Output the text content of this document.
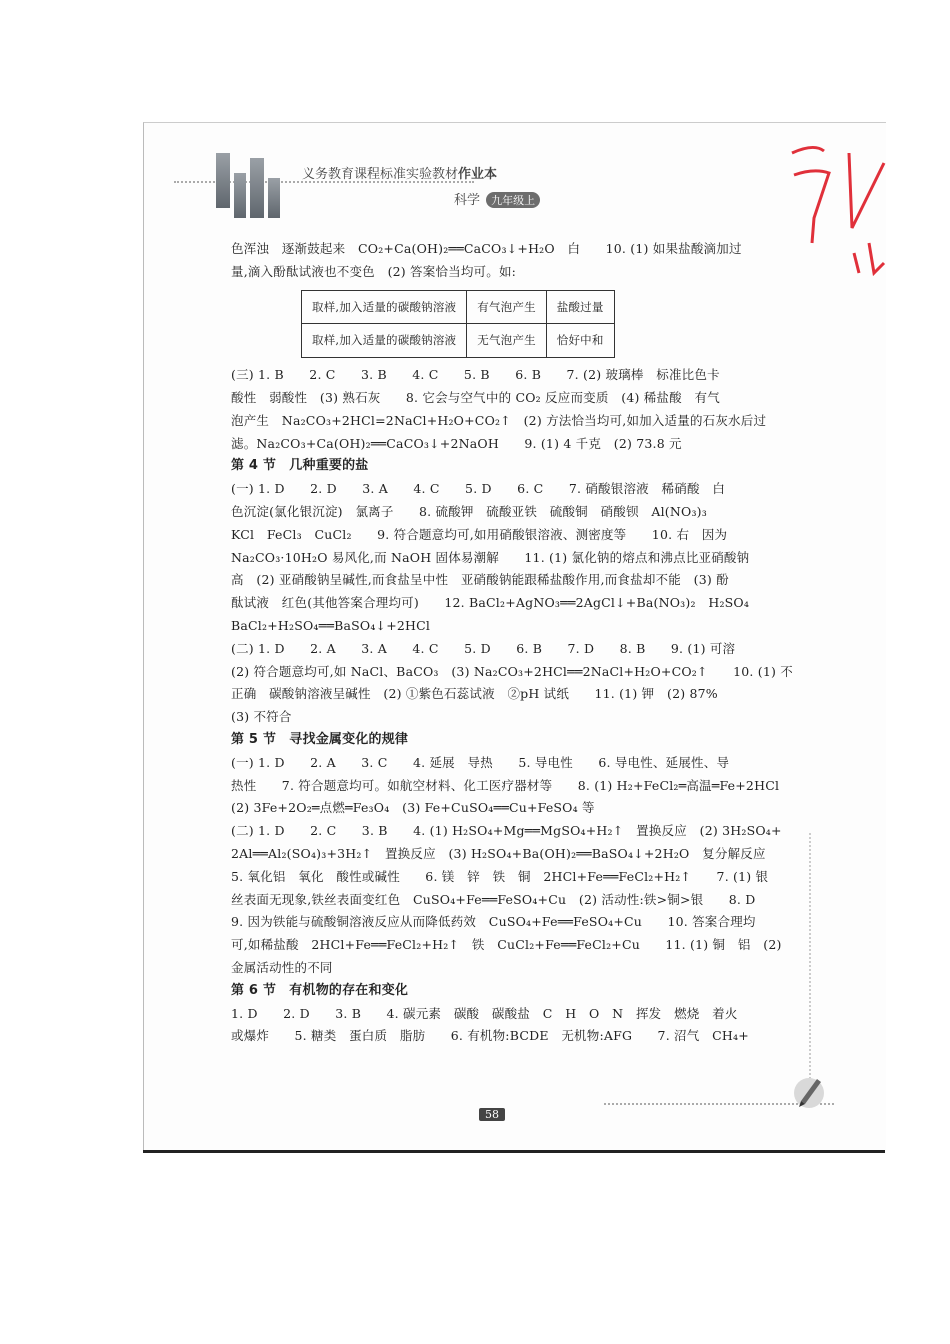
义务教育课程标准实验教材作业本
科学 九年级上
色浑浊　逐渐鼓起来　CO₂+Ca(OH)₂══CaCO₃↓+H₂O　白　　10. (1) 如果盐酸滴加过
量,滴入酚酞试液也不变色　(2) 答案恰当均可。如:
取样,加入适量的碳酸钠溶液	有气泡产生	盐酸过量
取样,加入适量的碳酸钠溶液	无气泡产生	恰好中和
(三) 1. B　　2. C　　3. B　　4. C　　5. B　　6. B　　7. (2) 玻璃棒　标准比色卡
酸性　弱酸性　(3) 熟石灰　　8. 它会与空气中的 CO₂ 反应而变质　(4) 稀盐酸　有气
泡产生　Na₂CO₃+2HCl=2NaCl+H₂O+CO₂↑　(2) 方法恰当均可,如加入适量的石灰水后过
滤。Na₂CO₃+Ca(OH)₂══CaCO₃↓+2NaOH　　9. (1) 4 千克　(2) 73.8 元
第 4 节　几种重要的盐
(一) 1. D　　2. D　　3. A　　4. C　　5. D　　6. C　　7. 硝酸银溶液　稀硝酸　白
色沉淀(氯化银沉淀)　氯离子　　8. 硫酸钾　硫酸亚铁　硫酸铜　硝酸钡　Al(NO₃)₃
KCl　FeCl₃　CuCl₂　　9. 符合题意均可,如用硝酸银溶液、测密度等　　10. 右　因为
Na₂CO₃·10H₂O 易风化,而 NaOH 固体易潮解　　11. (1) 氯化钠的熔点和沸点比亚硝酸钠
高　(2) 亚硝酸钠呈碱性,而食盐呈中性　亚硝酸钠能跟稀盐酸作用,而食盐却不能　(3) 酚
酞试液　红色(其他答案合理均可)　　12. BaCl₂+AgNO₃══2AgCl↓+Ba(NO₃)₂　H₂SO₄
BaCl₂+H₂SO₄══BaSO₄↓+2HCl
(二) 1. D　　2. A　　3. A　　4. C　　5. D　　6. B　　7. D　　8. B　　9. (1) 可溶
(2) 符合题意均可,如 NaCl、BaCO₃　(3) Na₂CO₃+2HCl══2NaCl+H₂O+CO₂↑　　10. (1) 不
正确　碳酸钠溶液呈碱性　(2) ①紫色石蕊试液　②pH 试纸　　11. (1) 钾　(2) 87%
(3) 不符合
第 5 节　寻找金属变化的规律
(一) 1. D　　2. A　　3. C　　4. 延展　导热　　5. 导电性　　6. 导电性、延展性、导
热性　　7. 符合题意均可。如航空材料、化工医疗器材等　　8. (1) H₂+FeCl₂═高温═Fe+2HCl
(2) 3Fe+2O₂═点燃═Fe₃O₄　(3) Fe+CuSO₄══Cu+FeSO₄ 等
(二) 1. D　　2. C　　3. B　　4. (1) H₂SO₄+Mg══MgSO₄+H₂↑　置换反应　(2) 3H₂SO₄+
2Al══Al₂(SO₄)₃+3H₂↑　置换反应　(3) H₂SO₄+Ba(OH)₂══BaSO₄↓+2H₂O　复分解反应
5. 氧化铝　氧化　酸性或碱性　　6. 镁　锌　铁　铜　2HCl+Fe══FeCl₂+H₂↑　　7. (1) 银
丝表面无现象,铁丝表面变红色　CuSO₄+Fe══FeSO₄+Cu　(2) 活动性:铁>铜>银　　8. D
9. 因为铁能与硫酸铜溶液反应从而降低药效　CuSO₄+Fe══FeSO₄+Cu　　10. 答案合理均
可,如稀盐酸　2HCl+Fe══FeCl₂+H₂↑　铁　CuCl₂+Fe══FeCl₂+Cu　　11. (1) 铜　铝　(2)
金属活动性的不同
第 6 节　有机物的存在和变化
1. D　　2. D　　3. B　　4. 碳元素　碳酸　碳酸盐　C　H　O　N　挥发　燃烧　着火
或爆炸　　5. 糖类　蛋白质　脂肪　　6. 有机物:BCDE　无机物:AFG　　7. 沼气　CH₄+
58
